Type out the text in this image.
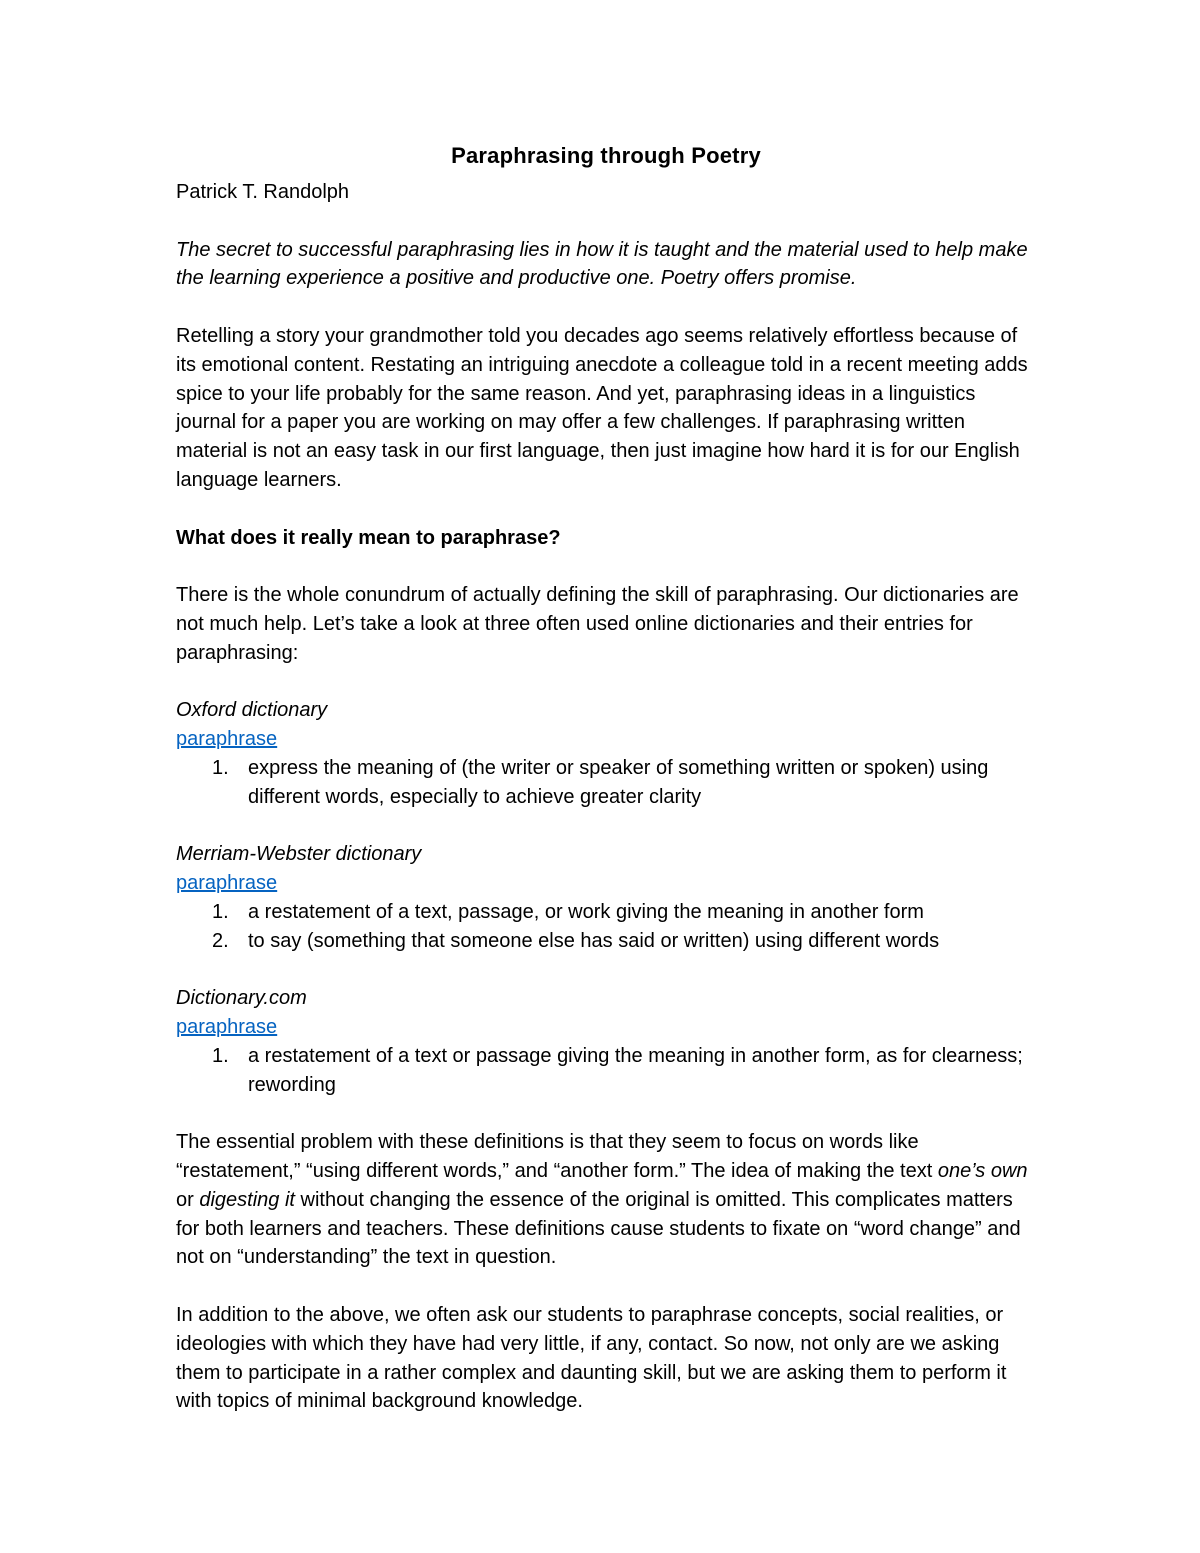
Paraphrasing through Poetry

Patrick T. Randolph

The secret to successful paraphrasing lies in how it is taught and the material used to help make the learning experience a positive and productive one. Poetry offers promise.

Retelling a story your grandmother told you decades ago seems relatively effortless because of its emotional content. Restating an intriguing anecdote a colleague told in a recent meeting adds spice to your life probably for the same reason. And yet, paraphrasing ideas in a linguistics journal for a paper you are working on may offer a few challenges. If paraphrasing written material is not an easy task in our first language, then just imagine how hard it is for our English language learners.

What does it really mean to paraphrase?

There is the whole conundrum of actually defining the skill of paraphrasing. Our dictionaries are not much help. Let’s take a look at three often used online dictionaries and their entries for paraphrasing:

Oxford dictionary
paraphrase
1. express the meaning of (the writer or speaker of something written or spoken) using different words, especially to achieve greater clarity
Merriam-Webster dictionary
paraphrase
1. a restatement of a text, passage, or work giving the meaning in another form
2. to say (something that someone else has said or written) using different words
Dictionary.com
paraphrase
1. a restatement of a text or passage giving the meaning in another form, as for clearness; rewording

The essential problem with these definitions is that they seem to focus on words like “restatement,” “using different words,” and “another form.” The idea of making the text one’s own or digesting it without changing the essence of the original is omitted. This complicates matters for both learners and teachers. These definitions cause students to fixate on “word change” and not on “understanding” the text in question.

In addition to the above, we often ask our students to paraphrase concepts, social realities, or ideologies with which they have had very little, if any, contact. So now, not only are we asking them to participate in a rather complex and daunting skill, but we are asking them to perform it with topics of minimal background knowledge.
